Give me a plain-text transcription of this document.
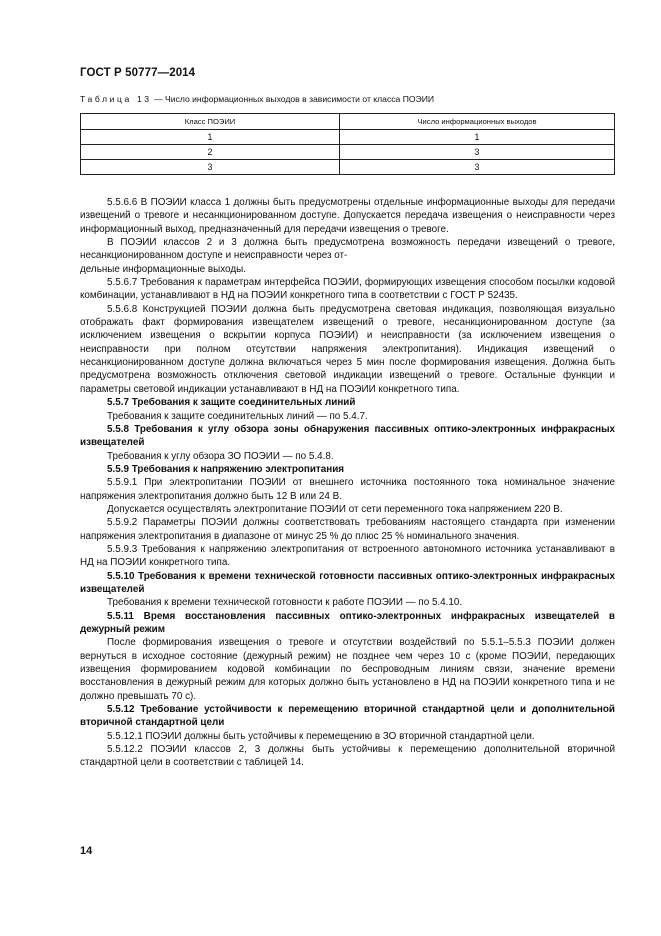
ГОСТ Р 50777—2014
Таблица 13 — Число информационных выходов в зависимости от класса ПОЭИИ
Класс ПОЭИИ	Число информационных выходов
1	1
2	3
3	3

5.5.6.6 В ПОЭИИ класса 1 должны быть предусмотрены отдельные информационные выходы для передачи извещений о тревоге и несанкционированном доступе. Допускается передача извещения о неисправности через информационный выход, предназначенный для передачи извещения о тревоге.

В ПОЭИИ классов 2 и 3 должна быть предусмотрена возможность передачи извещений о тревоге, несанкционированном доступе и неисправности через от-

дельные информационные выходы.

5.5.6.7 Требования к параметрам интерфейса ПОЭИИ, формирующих извещения способом посылки кодовой комбинации, устанавливают в НД на ПОЭИИ конкретного типа в соответствии с ГОСТ Р 52435.

5.5.6.8 Конструкцией ПОЭИИ должна быть предусмотрена световая индикация, позволяющая визуально отображать факт формирования извещателем извещений о тревоге, несанкционированном доступе (за исключением извещения о вскрытии корпуса ПОЭИИ) и неисправности (за исключением извещения о неисправности при полном отсутствии напряжения электропитания). Индикация извещений о несанкционированном доступе должна включаться через 5 мин после формирования извещения. Должна быть предусмотрена возможность отключения световой индикации извещений о тревоге. Остальные функции и параметры световой индикации устанавливают в НД на ПОЭИИ конкретного типа.

5.5.7 Требования к защите соединительных линий

Требования к защите соединительных линий — по 5.4.7.

5.5.8 Требования к углу обзора зоны обнаружения пассивных оптико-электронных инфракрасных извещателей

Требования к углу обзора ЗО ПОЭИИ — по 5.4.8.

5.5.9 Требования к напряжению электропитания

5.5.9.1 При электропитании ПОЭИИ от внешнего источника постоянного тока номинальное значение напряжения электропитания должно быть 12 В или 24 В.

Допускается осуществлять электропитание ПОЭИИ от сети переменного тока напряжением 220 В.

5.5.9.2 Параметры ПОЭИИ должны соответствовать требованиям настоящего стандарта при изменении напряжения электропитания в диапазоне от минус 25 % до плюс 25 % номинального значения.

5.5.9.3 Требования к напряжению электропитания от встроенного автономного источника устанавливают в НД на ПОЭИИ конкретного типа.

5.5.10 Требования к времени технической готовности пассивных оптико-электронных инфракрасных извещателей

Требования к времени технической готовности к работе ПОЭИИ — по 5.4.10.

5.5.11 Время восстановления пассивных оптико-электронных инфракрасных извещателей в дежурный режим

После формирования извещения о тревоге и отсутствии воздействий по 5.5.1–5.5.3 ПОЭИИ должен вернуться в исходное состояние (дежурный режим) не позднее чем через 10 с (кроме ПОЭИИ, передающих извещения формированием кодовой комбинации по беспроводным линиям связи, значение времени восстановления в дежурный режим для которых должно быть установлено в НД на ПОЭИИ конкретного типа и не должно превышать 70 с).

5.5.12 Требование устойчивости к перемещению вторичной стандартной цели и дополнительной вторичной стандартной цели

5.5.12.1 ПОЭИИ должны быть устойчивы к перемещению в ЗО вторичной стандартной цели.

5.5.12.2 ПОЭИИ классов 2, 3 должны быть устойчивы к перемещению дополнительной вторичной стандартной цели в соответствии с таблицей 14.

14
